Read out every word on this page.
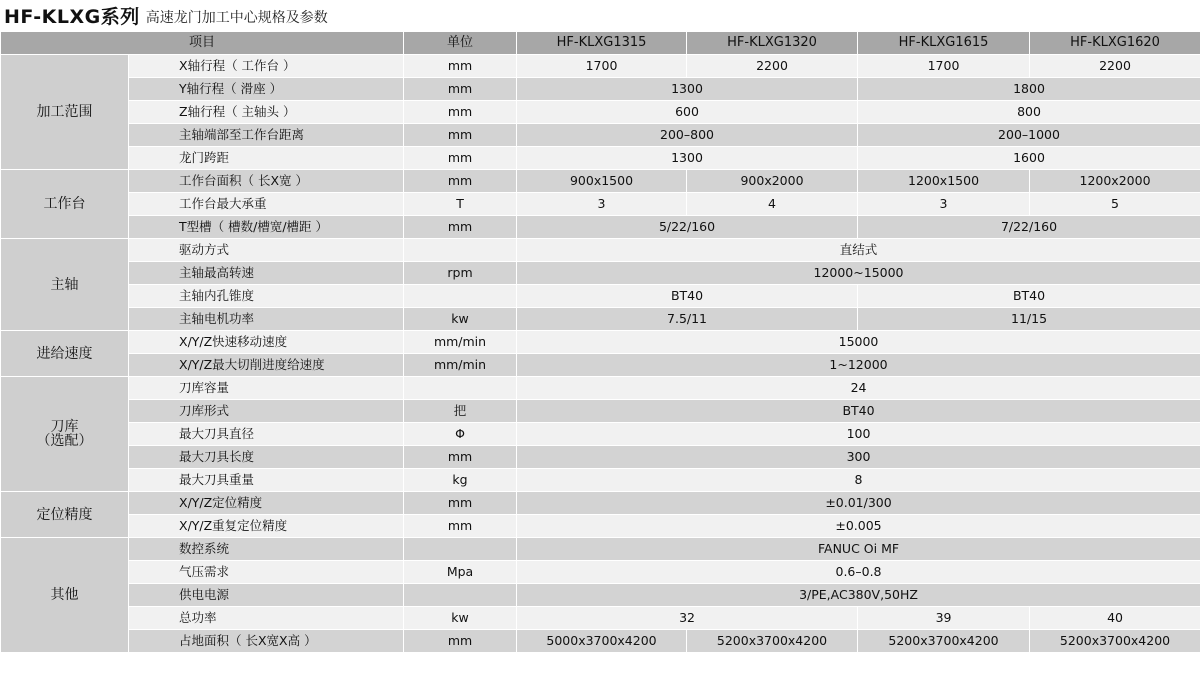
HF-KLXG系列 高速龙门加工中心规格及参数
项目		单位	HF-KLXG1315	HF-KLXG1320	HF-KLXG1615	HF-KLXG1620
加工范围	X轴行程（ 工作台 ）	mm	1700	2200	1700	2200
	Y轴行程（ 滑座 ）	mm	1300		1800	
	Z轴行程（ 主轴头 ）	mm	600		800	
	主轴端部至工作台距离	mm	200–800		200–1000	
	龙门跨距	mm	1300		1600	
工作台	工作台面积（ 长X宽 ）	mm	900x1500	900x2000	1200x1500	1200x2000
	工作台最大承重	T	3	4	3	5
	T型槽（ 槽数/槽宽/槽距 ）	mm	5/22/160		7/22/160	
主轴	驱动方式		直结式			
	主轴最高转速	rpm	12000~15000			
	主轴内孔锥度		BT40		BT40	
	主轴电机功率	kw	7.5/11		11/15	
进给速度	X/Y/Z快速移动速度	mm/min	15000			
	X/Y/Z最大切削进度给速度	mm/min	1~12000			
刀库
（选配）	刀库容量		24			
	刀库形式	把	BT40			
	最大刀具直径	Φ	100			
	最大刀具长度	mm	300			
	最大刀具重量	kg	8			
定位精度	X/Y/Z定位精度	mm	±0.01/300			
	X/Y/Z重复定位精度	mm	±0.005			
其他	数控系统		FANUC Oi MF			
	气压需求	Mpa	0.6–0.8			
	供电电源		3/PE,AC380V,50HZ			
	总功率	kw	32		39	40
	占地面积（ 长X宽X高 ）	mm	5000x3700x4200	5200x3700x4200	5200x3700x4200	5200x3700x4200
